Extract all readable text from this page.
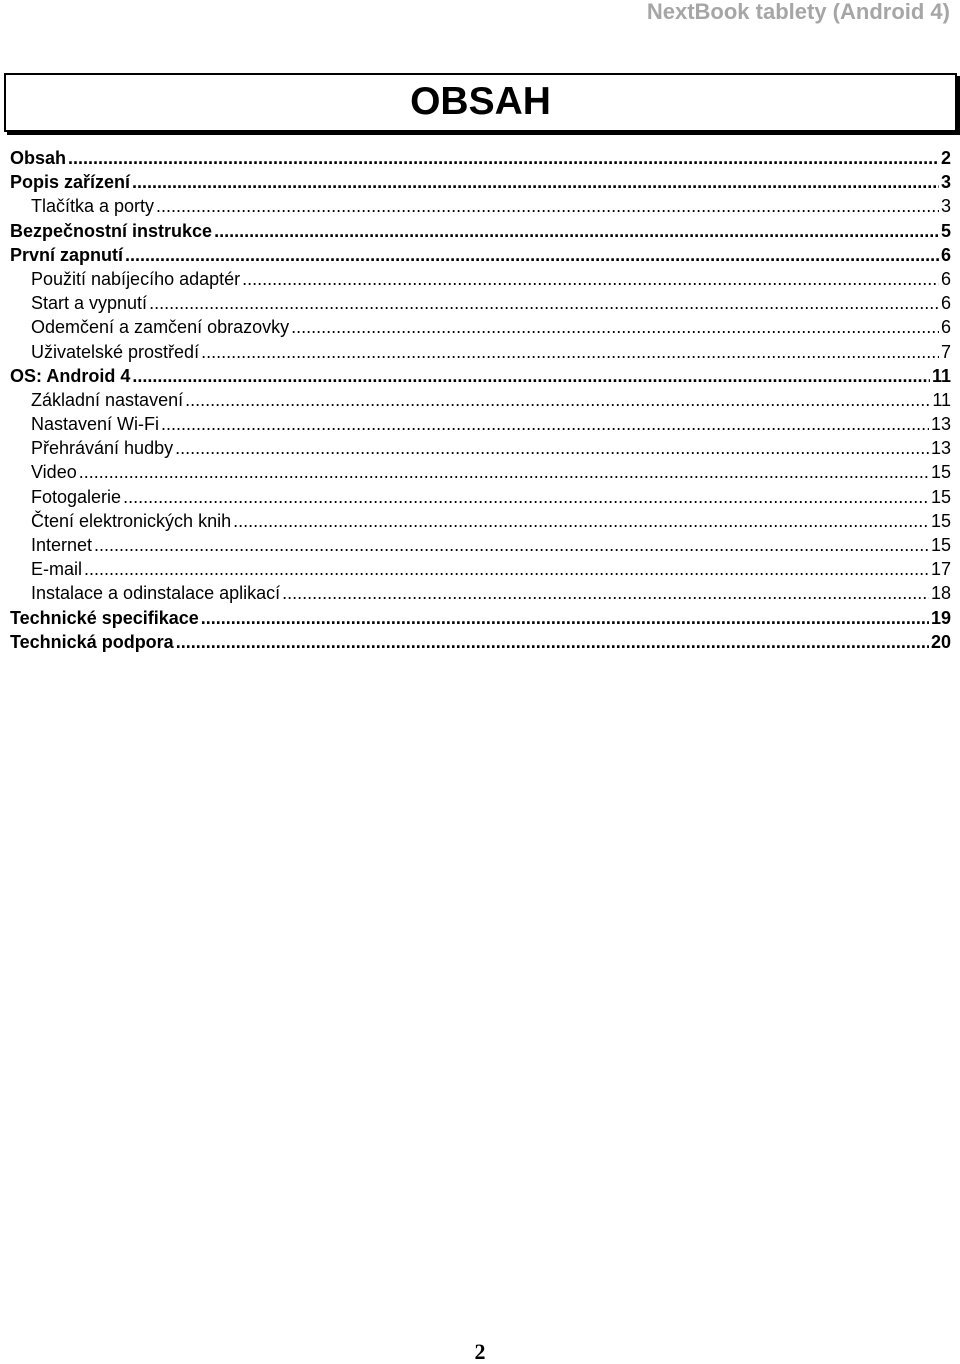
NextBook tablety (Android 4)
OBSAH
Obsah .....	2
Popis zařízení .....	3
Tlačítka a porty .....	3
Bezpečnostní instrukce .....	5
První zapnutí .....	6
Použití nabíjecího adaptér .....	6
Start a vypnutí .....	6
Odemčení a zamčení obrazovky .....	6
Uživatelské prostředí .....	7
OS: Android 4 .....	11
Základní nastavení .....	11
Nastavení Wi-Fi .....	13
Přehrávání hudby .....	13
Video .....	15
Fotogalerie .....	15
Čtení elektronických knih .....	15
Internet .....	15
E-mail .....	17
Instalace a odinstalace aplikací .....	18
Technické specifikace .....	19
Technická podpora .....	20
2
